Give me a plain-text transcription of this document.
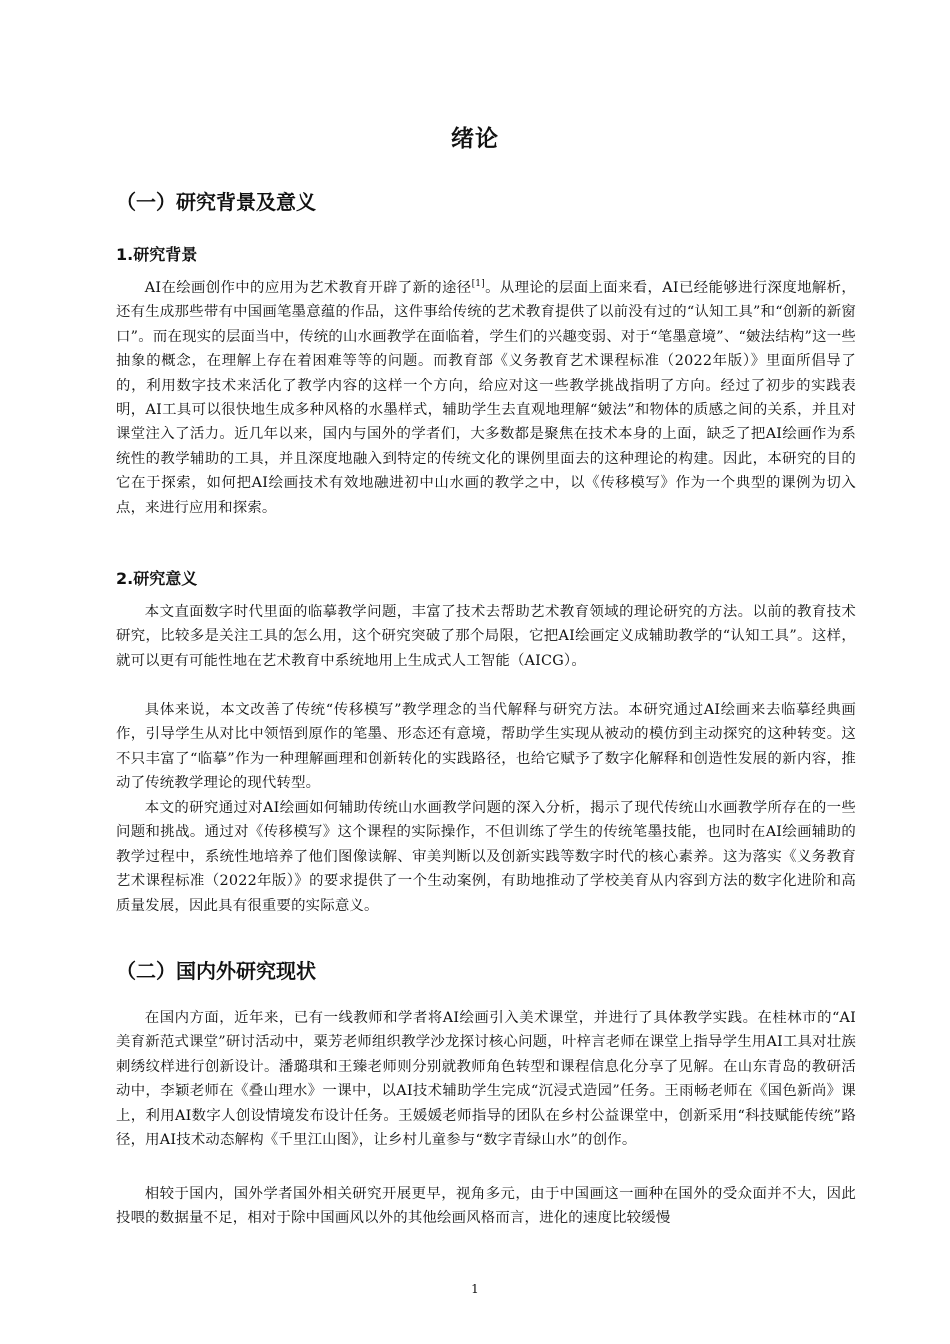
绪论
（一）研究背景及意义
1.研究背景

AI在绘画创作中的应用为艺术教育开辟了新的途径[1]。从理论的层面上面来看，AI已经能够进行深度地解析，还有生成那些带有中国画笔墨意蕴的作品，这件事给传统的艺术教育提供了以前没有过的“认知工具”和“创新的新窗口”。而在现实的层面当中，传统的山水画教学在面临着，学生们的兴趣变弱、对于“笔墨意境”、“皴法结构”这一些抽象的概念，在理解上存在着困难等等的问题。而教育部《义务教育艺术课程标准（2022年版）》里面所倡导了的，利用数字技术来活化了教学内容的这样一个方向，给应对这一些教学挑战指明了方向。经过了初步的实践表明，AI工具可以很快地生成多种风格的水墨样式，辅助学生去直观地理解“皴法”和物体的质感之间的关系，并且对课堂注入了活力。近几年以来，国内与国外的学者们，大多数都是聚焦在技术本身的上面，缺乏了把AI绘画作为系统性的教学辅助的工具，并且深度地融入到特定的传统文化的课例里面去的这种理论的构建。因此，本研究的目的它在于探索，如何把AI绘画技术有效地融进初中山水画的教学之中，以《传移模写》作为一个典型的课例为切入点，来进行应用和探索。

2.研究意义

本文直面数字时代里面的临摹教学问题，丰富了技术去帮助艺术教育领域的理论研究的方法。以前的教育技术研究，比较多是关注工具的怎么用，这个研究突破了那个局限，它把AI绘画定义成辅助教学的“认知工具”。这样，就可以更有可能性地在艺术教育中系统地用上生成式人工智能（AICG）。

具体来说，本文改善了传统“传移模写”教学理念的当代解释与研究方法。本研究通过AI绘画来去临摹经典画作，引导学生从对比中领悟到原作的笔墨、形态还有意境，帮助学生实现从被动的模仿到主动探究的这种转变。这不只丰富了“临摹”作为一种理解画理和创新转化的实践路径，也给它赋予了数字化解释和创造性发展的新内容，推动了传统教学理论的现代转型。

本文的研究通过对AI绘画如何辅助传统山水画教学问题的深入分析，揭示了现代传统山水画教学所存在的一些问题和挑战。通过对《传移模写》这个课程的实际操作，不但训练了学生的传统笔墨技能，也同时在AI绘画辅助的教学过程中，系统性地培养了他们图像读解、审美判断以及创新实践等数字时代的核心素养。这为落实《义务教育艺术课程标准（2022年版）》的要求提供了一个生动案例，有助地推动了学校美育从内容到方法的数字化进阶和高质量发展，因此具有很重要的实际意义。

（二）国内外研究现状

在国内方面，近年来，已有一线教师和学者将AI绘画引入美术课堂，并进行了具体教学实践。在桂林市的“AI美育新范式课堂”研讨活动中，粟芳老师组织教学沙龙探讨核心问题，叶梓言老师在课堂上指导学生用AI工具对壮族刺绣纹样进行创新设计。潘璐琪和王臻老师则分别就教师角色转型和课程信息化分享了见解。在山东青岛的教研活动中，李颖老师在《叠山理水》一课中，以AI技术辅助学生完成“沉浸式造园”任务。王雨畅老师在《国色新尚》课上，利用AI数字人创设情境发布设计任务。王媛媛老师指导的团队在乡村公益课堂中，创新采用“科技赋能传统”路径，用AI技术动态解构《千里江山图》，让乡村儿童参与“数字青绿山水”的创作。

相较于国内，国外学者国外相关研究开展更早，视角多元，由于中国画这一画种在国外的受众面并不大，因此投喂的数据量不足，相对于除中国画风以外的其他绘画风格而言，进化的速度比较缓慢

1
